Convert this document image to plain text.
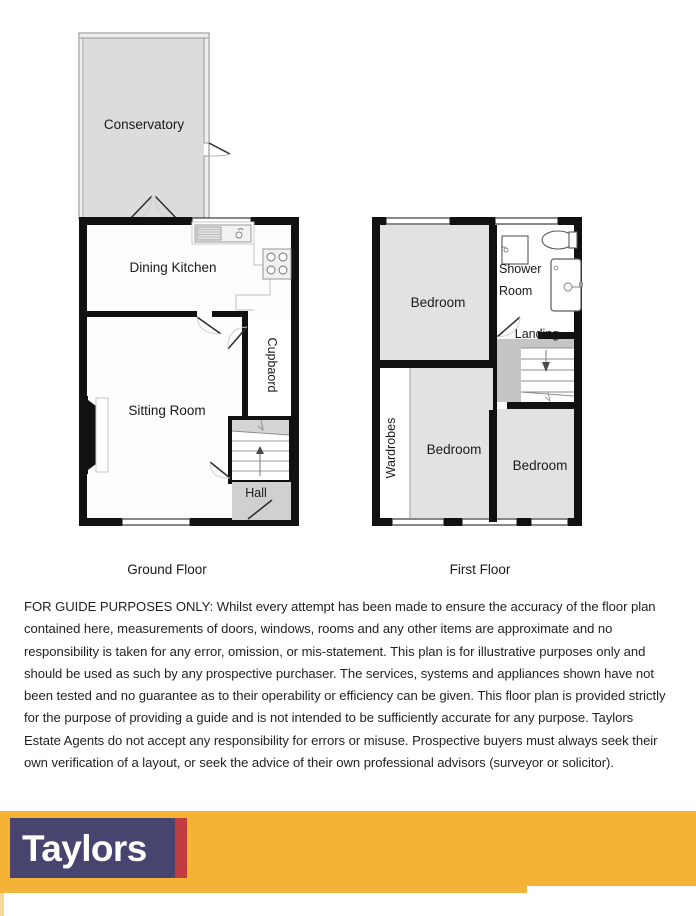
Conservatory
Dining Kitchen
Cupbaord
Hall
Sitting Room
Ground Floor
Bedroom
Shower
Room
Landing
Wardrobes Bedroom
Bedroom
First Floor
FOR GUIDE PURPOSES ONLY: Whilst every attempt has been made to ensure the accuracy of the floor plan contained here, measurements of doors, windows, rooms and any other items are approximate and no responsibility is taken for any error, omission, or mis-statement. This plan is for illustrative purposes only and should be used as such by any prospective purchaser. The services, systems and appliances shown have not been tested and no guarantee as to their operability or efficiency can be given. This floor plan is provided strictly for the purpose of providing a guide and is not intended to be sufficiently accurate for any purpose. Taylors Estate Agents do not accept any responsibility for errors or misuse. Prospective buyers must always seek their own verification of a layout, or seek the advice of their own professional advisors (surveyor or solicitor).
Taylors
